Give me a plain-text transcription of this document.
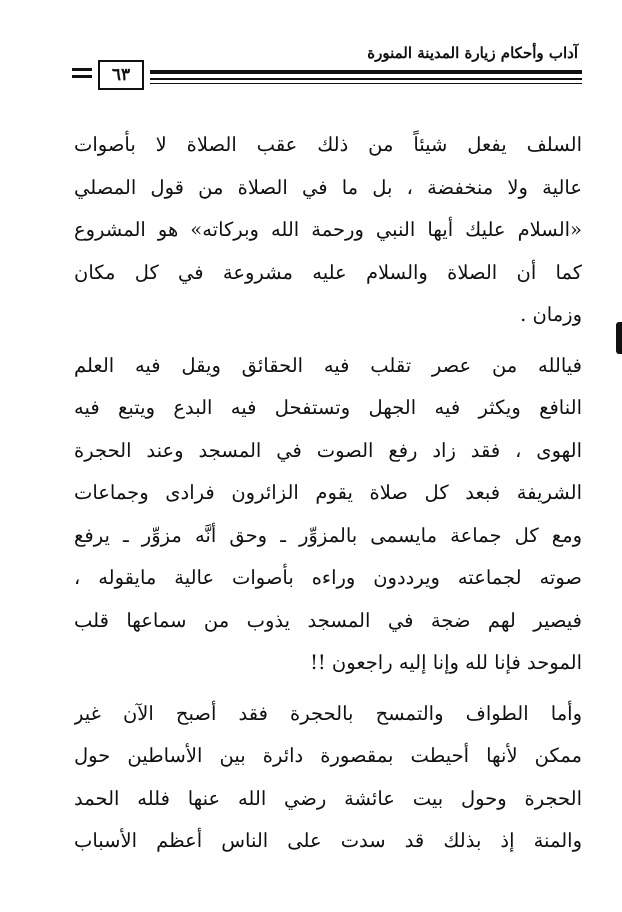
آداب وأحكام زيارة المدينة المنورة
٦٣
السلف يفعل شيئاً من ذلك عقب الصلاة لا بأصوات
عالية ولا منخفضة ، بل ما في الصلاة من قول المصلي
«السلام عليك أيها النبي ورحمة الله وبركاته» هو المشروع
كما أن الصلاة والسلام عليه مشروعة في كل مكان
وزمان .
فيالله من عصر تقلب فيه الحقائق ويقل فيه العلم
النافع ويكثر فيه الجهل وتستفحل فيه البدع ويتبع فيه
الهوى ، فقد زاد رفع الصوت في المسجد وعند الحجرة
الشريفة فبعد كل صلاة يقوم الزائرون فرادى وجماعات
ومع كل جماعة مايسمى بالمزوِّر ـ وحق أنَّه مزوِّر ـ يرفع
صوته لجماعته ويرددون وراءه بأصوات عالية مايقوله ،
فيصير لهم ضجة في المسجد يذوب من سماعها قلب
الموحد فإنا لله وإنا إليه راجعون !!
وأما الطواف والتمسح بالحجرة فقد أصبح الآن غير
ممكن لأنها أحيطت بمقصورة دائرة بين الأساطين حول
الحجرة وحول بيت عائشة رضي الله عنها فلله الحمد
والمنة إذ بذلك قد سدت على الناس أعظم الأسباب
